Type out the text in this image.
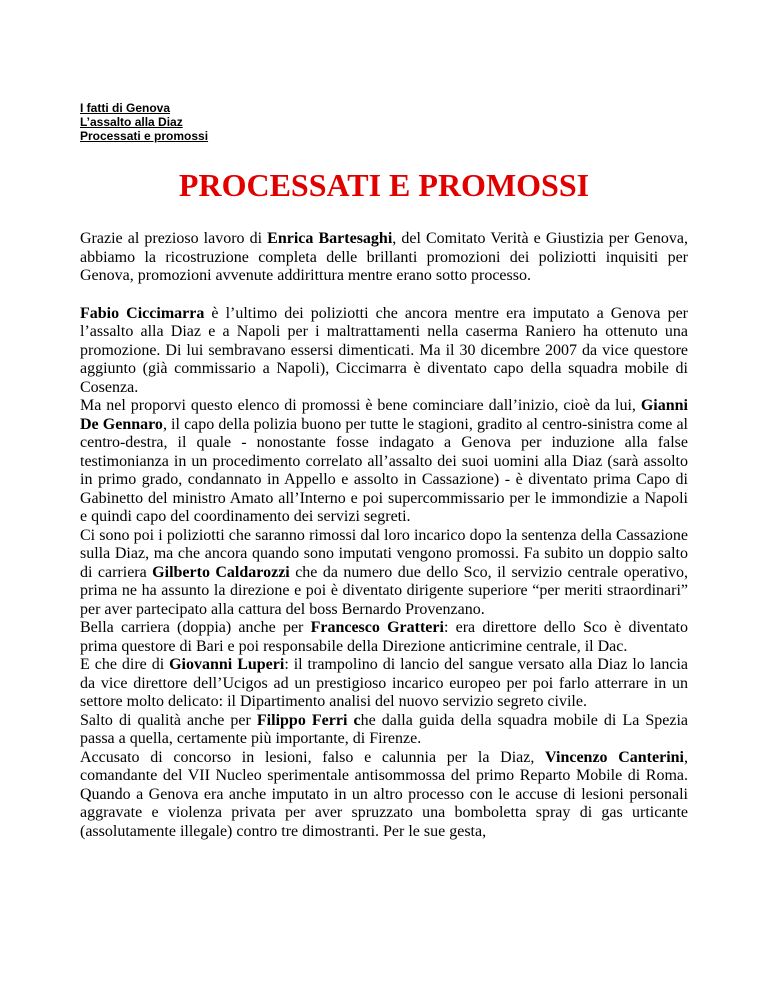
I fatti di Genova
L’assalto alla Diaz
Processati e promossi
PROCESSATI E PROMOSSI

Grazie al prezioso lavoro di Enrica Bartesaghi, del Comitato Verità e Giustizia per Genova, abbiamo la ricostruzione completa delle brillanti promozioni dei poliziotti inquisiti per Genova, promozioni avvenute addirittura mentre erano sotto processo.

Fabio Ciccimarra è l’ultimo dei poliziotti che ancora mentre era imputato a Genova per l’assalto alla Diaz e a Napoli per i maltrattamenti nella caserma Raniero ha ottenuto una promozione. Di lui sembravano essersi dimenticati. Ma il 30 dicembre 2007 da vice questore aggiunto (già commissario a Napoli), Ciccimarra è diventato capo della squadra mobile di Cosenza.

Ma nel proporvi questo elenco di promossi è bene cominciare dall’inizio, cioè da lui, Gianni De Gennaro, il capo della polizia buono per tutte le stagioni, gradito al centro-sinistra come al centro-destra, il quale - nonostante fosse indagato a Genova per induzione alla false testimonianza in un procedimento correlato all’assalto dei suoi uomini alla Diaz (sarà assolto in primo grado, condannato in Appello e assolto in Cassazione) - è diventato prima Capo di Gabinetto del ministro Amato all’Interno e poi supercommissario per le immondizie a Napoli e quindi capo del coordinamento dei servizi segreti.

Ci sono poi i poliziotti che saranno rimossi dal loro incarico dopo la sentenza della Cassazione sulla Diaz, ma che ancora quando sono imputati vengono promossi. Fa subito un doppio salto di carriera Gilberto Caldarozzi che da numero due dello Sco, il servizio centrale operativo, prima ne ha assunto la direzione e poi è diventato dirigente superiore “per meriti straordinari” per aver partecipato alla cattura del boss Bernardo Provenzano.

Bella carriera (doppia) anche per Francesco Gratteri: era direttore dello Sco è diventato prima questore di Bari e poi responsabile della Direzione anticrimine centrale, il Dac.

E che dire di Giovanni Luperi: il trampolino di lancio del sangue versato alla Diaz lo lancia da vice direttore dell’Ucigos ad un prestigioso incarico europeo per poi farlo atterrare in un settore molto delicato: il Dipartimento analisi del nuovo servizio segreto civile.

Salto di qualità anche per Filippo Ferri che dalla guida della squadra mobile di La Spezia passa a quella, certamente più importante, di Firenze.

Accusato di concorso in lesioni, falso e calunnia per la Diaz, Vincenzo Canterini, comandante del VII Nucleo sperimentale antisommossa del primo Reparto Mobile di Roma. Quando a Genova era anche imputato in un altro processo con le accuse di lesioni personali aggravate e violenza privata per aver spruzzato una bomboletta spray di gas urticante (assolutamente illegale) contro tre dimostranti. Per le sue gesta,
